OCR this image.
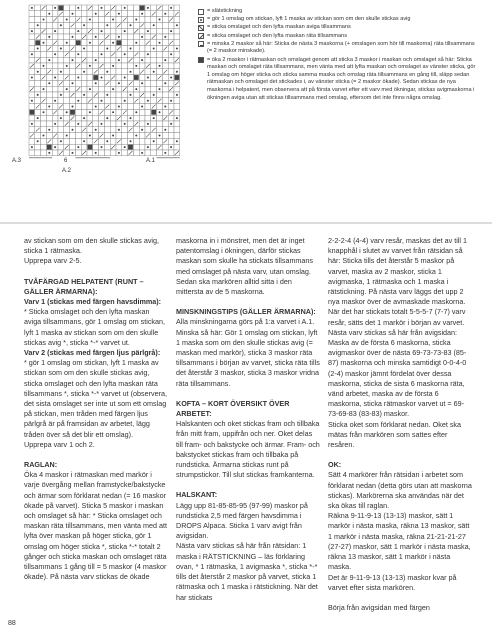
A.3	6
A.2
A.1
= slätstickning
= gör 1 omslag om stickan, lyft 1 maska av stickan som om den skulle stickas avig
= sticka omslaget och den lyfta maskan aviga tillsammans
= sticka omslaget och den lyfta maskan räta tillsammans
= minska 2 maskor så här: Sticka de nästa 3 maskorna (+ omslagen som hör till maskorna) räta tillsammans (= 2 maskor minskade).
= öka 2 maskor i rätmaskan och omslaget genom att sticka 3 maskor i maskan och omslaget så här: Sticka maskan och omslaget räta tillsammans, men vänta med att lyfta maskan och omslaget av vänster sticka, gör 1 omslag om höger sticka och sticka samma maska och omslag räta tillsammans en gång till, släpp sedan rätmaskan och omslaget det stickades i, av vänster sticka (= 2 maskor ökade). Sedan stickas de nya maskorna i helpatent, men observera att på första varvet efter ett varv med ökningar, stickas avigmaskorna i ökningen aviga utan att stickas tillsammans med omslag, eftersom det inte finns några omslag.

av stickan som om den skulle stickas avig, sticka 1 rätmaska.
Upprepa varv 2-5.

TVÅFÄRGAD HELPATENT (RUNT – GÄLLER ÄRMARNA):

Varv 1 (stickas med färgen havsdimma):

* Sticka omslaget och den lyfta maskan aviga tillsammans, gör 1 omslag om stickan, lyft 1 maska av stickan som om den skulle stickas avig *, sticka *-* varvet ut.

Varv 2 (stickas med färgen ljus pärlgrå):

* gör 1 omslag om stickan, lyft 1 maska av stickan som om den skulle stickas avig, sticka omslaget och den lyfta maskan räta tillsammans *, sticka *-* varvet ut (observera, det sista omslaget ser inte ut som ett omslag på stickan, men tråden med färgen ljus pärlgrå är på framsidan av arbetet, lägg tråden över så det blir ett omslag).
Upprepa varv 1 och 2.

RAGLAN:

Öka 4 maskor i rätmaskan med markör i varje övergång mellan framstycke/bakstycke och ärmar som förklarat nedan (= 16 maskor ökade på varvet). Sticka 5 maskor i maskan och omslaget så här: * Sticka omslaget och maskan räta tillsammans, men vänta med att lyfta över maskan på höger sticka, gör 1 omslag om höger sticka *, sticka *-* totalt 2 gånger och sticka maskan och omslaget räta tillsammans 1 gång till = 5 maskor (4 maskor ökade). På nästa varv stickas de ökade

maskorna in i mönstret, men det är inget patentomslag i ökningen, därför stickas maskan som skulle ha stickats tillsammans med omslaget på nästa varv, utan omslag. Sedan ska markören alltid sitta i den mittersta av de 5 maskorna.

MINSKNINGSTIPS (GÄLLER ÄRMARNA):

Alla minskningarna görs på 1:a varvet i A.1.
Minska så här: Gör 1 omslag om stickan, lyft 1 maska som om den skulle stickas avig (= maskan med markör), sticka 3 maskor räta tillsammans i början av varvet, sticka räta tills det återstår 3 maskor, sticka 3 maskor vridna räta tillsammans.

KOFTA – KORT ÖVERSIKT ÖVER ARBETET:

Halskanten och oket stickas fram och tillbaka från mitt fram, uppifrån och ner. Oket delas till fram- och bakstycke och ärmar. Fram- och bakstycket stickas fram och tillbaka på rundsticka. Ärmarna stickas runt på strumpstickor. Till slut stickas framkanterna.

HALSKANT:

Lägg upp 81-85-85-95 (97-99) maskor på rundsticka 2,5 med färgen havsdimma i DROPS Alpaca. Sticka 1 varv avigt från avigsidan.
Nästa varv stickas så här från rätsidan: 1 maska i RÄTSTICKNING – läs förklaring ovan, * 1 rätmaska, 1 avigmaska *, sticka *-* tills det återstår 2 maskor på varvet, sticka 1 rätmaska och 1 maska i rätstickning. När det har stickats

2-2-2-4 (4-4) varv resår, maskas det av till 1 knapphål i slutet av varvet från rätsidan så här: Sticka tills det återstår 5 maskor på varvet, maska av 2 maskor, sticka 1 avigmaska, 1 rätmaska och 1 maska i rätstickning. På nästa varv läggs det upp 2 nya maskor över de avmaskade maskorna.
När det har stickats totalt 5-5-5-7 (7-7) varv resår, sätts det 1 markör i början av varvet.
Nästa varv stickas så här från avigsidan: Maska av de första 6 maskorna, sticka avigmaskor över de nästa 69-73-73-83 (85-87) maskorna och minska samtidigt 0-0-4-0 (2-4) maskor jämnt fördelat över dessa maskorna, sticka de sista 6 maskorna räta, vänd arbetet, maska av de första 6 maskorna, sticka rätmaskor varvet ut = 69-73-69-83 (83-83) maskor.
Sticka oket som förklarat nedan. Oket ska mätas från markören som sattes efter resåren.

OK:

Sätt 4 markörer från rätsidan i arbetet som förklarat nedan (detta görs utan att maskorna stickas). Markörerna ska användas när det ska ökas till raglan.
Räkna 9-11-9-13 (13-13) maskor, sätt 1 markör i nästa maska, räkna 13 maskor, sätt 1 markör i nästa maska, räkna 21-21-21-27 (27-27) maskor, sätt 1 markör i nästa maska, räkna 13 maskor, sätt 1 markör i nästa maska.
Det är 9-11-9-13 (13-13) maskor kvar på varvet efter sista markören.

Börja från avigsidan med färgen

88
